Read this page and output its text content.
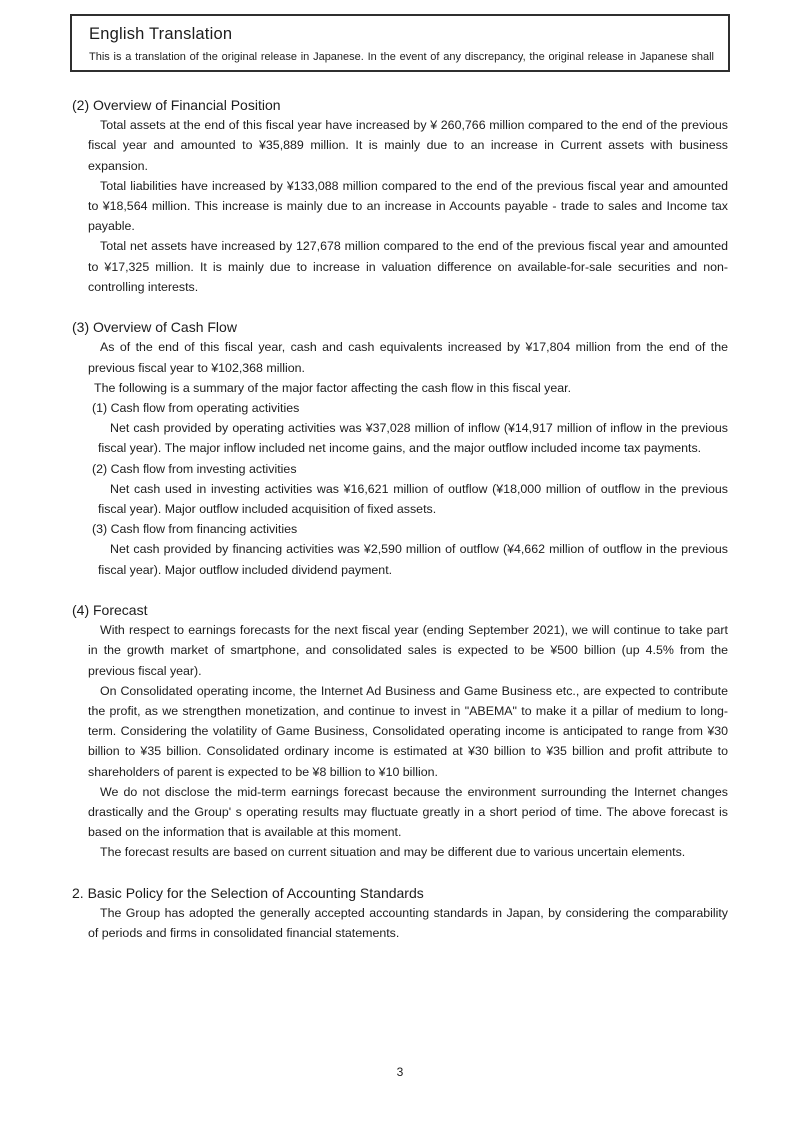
English Translation
This is a translation of the original release in Japanese. In the event of any discrepancy, the original release in Japanese shall
(2) Overview of Financial Position

Total assets at the end of this fiscal year have increased by ¥ 260,766 million compared to the end of the previous fiscal year and amounted to ¥35,889 million. It is mainly due to an increase in Current assets with business expansion.

Total liabilities have increased by ¥133,088 million compared to the end of the previous fiscal year and amounted to ¥18,564 million. This increase is mainly due to an increase in Accounts payable - trade to sales and Income tax payable.

Total net assets have increased by 127,678 million compared to the end of the previous fiscal year and amounted to ¥17,325 million. It is mainly due to increase in valuation difference on available-for-sale securities and non-controlling interests.

(3) Overview of Cash Flow

As of the end of this fiscal year, cash and cash equivalents increased by ¥17,804 million from the end of the previous fiscal year to ¥102,368 million.

The following is a summary of the major factor affecting the cash flow in this fiscal year.

(1) Cash flow from operating activities

Net cash provided by operating activities was ¥37,028 million of inflow (¥14,917 million of inflow in the previous fiscal year). The major inflow included net income gains, and the major outflow included income tax payments.

(2) Cash flow from investing activities

Net cash used in investing activities was ¥16,621 million of outflow (¥18,000 million of outflow in the previous fiscal year). Major outflow included acquisition of fixed assets.

(3) Cash flow from financing activities

Net cash provided by financing activities was ¥2,590 million of outflow (¥4,662 million of outflow in the previous fiscal year). Major outflow included dividend payment.

(4) Forecast

With respect to earnings forecasts for the next fiscal year (ending September 2021), we will continue to take part in the growth market of smartphone, and consolidated sales is expected to be ¥500 billion (up 4.5% from the previous fiscal year).

On Consolidated operating income, the Internet Ad Business and Game Business etc., are expected to contribute the profit, as we strengthen monetization, and continue to invest in "ABEMA" to make it a pillar of medium to long-term. Considering the volatility of Game Business, Consolidated operating income is anticipated to range from ¥30 billion to ¥35 billion. Consolidated ordinary income is estimated at ¥30 billion to ¥35 billion and profit attribute to shareholders of parent is expected to be ¥8 billion to ¥10 billion.

We do not disclose the mid-term earnings forecast because the environment surrounding the Internet changes drastically and the Group' s operating results may fluctuate greatly in a short period of time. The above forecast is based on the information that is available at this moment.

The forecast results are based on current situation and may be different due to various uncertain elements.

2. Basic Policy for the Selection of Accounting Standards

The Group has adopted the generally accepted accounting standards in Japan, by considering the comparability of periods and firms in consolidated financial statements.

3
